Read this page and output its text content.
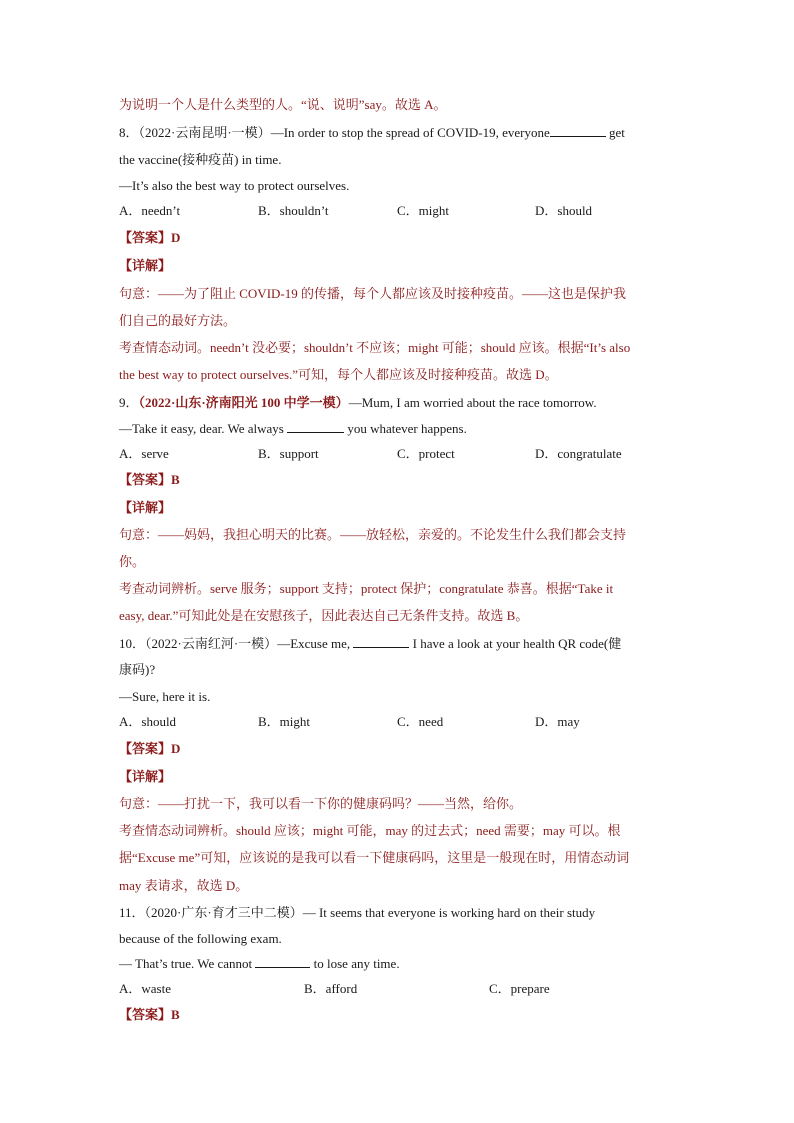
为说明一个人是什么类型的人。“说、说明”say。故选 A。
8．（2022·云南昆明·一模）—In order to stop the spread of COVID-19, everyone	get
the vaccine(接种疫苗) in time.
—It’s also the best way to protect ourselves.
A．needn’t	B．shouldn’t	C．might	D．should
【答案】D
【详解】
句意：——为了阻止 COVID-19 的传播，每个人都应该及时接种疫苗。——这也是保护我
们自己的最好方法。
考查情态动词。needn’t 没必要；shouldn’t 不应该；might 可能；should 应该。根据“It’s also
the best way to protect ourselves.”可知，每个人都应该及时接种疫苗。故选 D。
9．（2022·山东·济南阳光 100 中学一模）—Mum, I am worried about the race tomorrow.
—Take it easy, dear. We always	you whatever happens.
A．serve	B．support	C．protect	D．congratulate
【答案】B
【详解】
句意：——妈妈，我担心明天的比赛。——放轻松，亲爱的。不论发生什么我们都会支持
你。
考查动词辨析。serve 服务；support 支持；protect 保护；congratulate 恭喜。根据“Take it
easy, dear.”可知此处是在安慰孩子，因此表达自己无条件支持。故选 B。
10．（2022·云南红河·一模）—Excuse me,	I have a look at your health QR code(健
康码)?
—Sure, here it is.
A．should	B．might	C．need	D．may
【答案】D
【详解】
句意：——打扰一下，我可以看一下你的健康码吗？——当然，给你。
考查情态动词辨析。should 应该；might 可能，may 的过去式；need 需要；may 可以。根
据“Excuse me”可知，应该说的是我可以看一下健康码吗，这里是一般现在时，用情态动词
may 表请求，故选 D。
11．（2020·广东·育才三中二模）— It seems that everyone is working hard on their study
because of the following exam.
— That’s true. We cannot	to lose any time.
A．waste	B．afford	C．prepare
【答案】B
